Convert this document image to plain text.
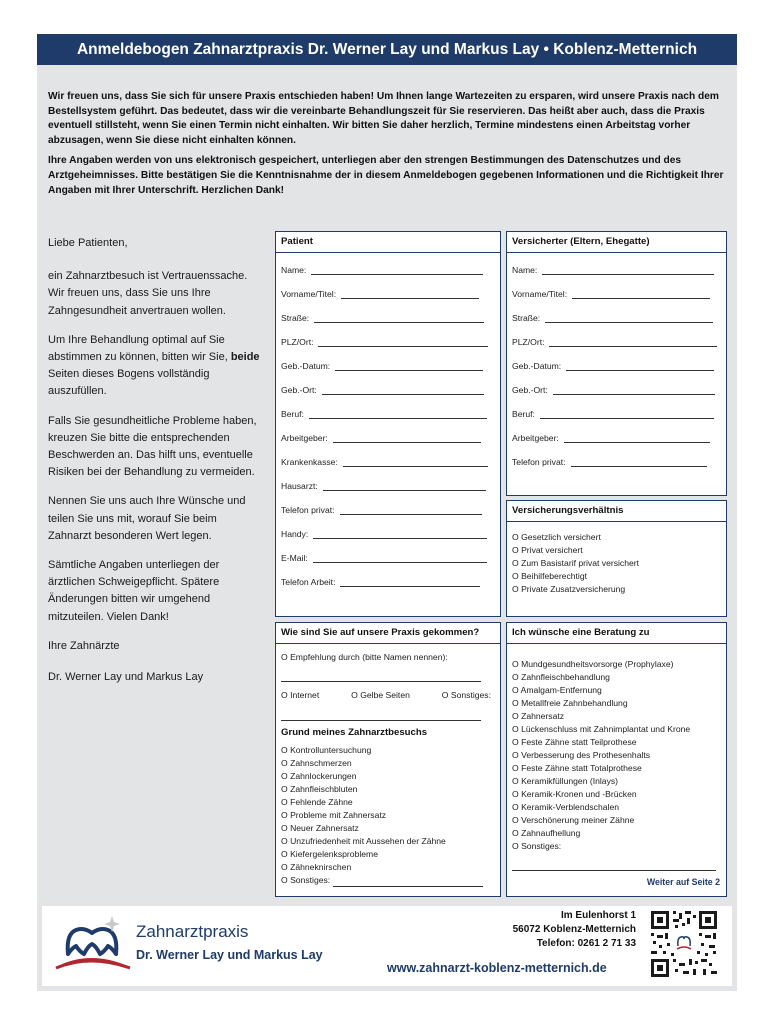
Anmeldebogen Zahnarztpraxis Dr. Werner Lay und Markus Lay • Koblenz-Metternich

Wir freuen uns, dass Sie sich für unsere Praxis entschieden haben! Um Ihnen lange Wartezeiten zu ersparen, wird unsere Praxis nach dem Bestellsystem geführt. Das bedeutet, dass wir die vereinbarte Behandlungszeit für Sie reservieren. Das heißt aber auch, dass die Praxis eventuell stillsteht, wenn Sie einen Termin nicht einhalten. Wir bitten Sie daher herzlich, Termine mindestens einen Arbeitstag vorher abzusagen, wenn Sie diese nicht einhalten können.

Ihre Angaben werden von uns elektronisch gespeichert, unterliegen aber den strengen Bestimmungen des Datenschutzes und des Arztgeheimnisses. Bitte bestätigen Sie die Kenntnisnahme der in diesem Anmeldebogen gegebenen Informationen und die Richtigkeit Ihrer Angaben mit Ihrer Unterschrift. Herzlichen Dank!

Liebe Patienten,

ein Zahnarztbesuch ist Vertrauenssache. Wir freuen uns, dass Sie uns Ihre Zahngesundheit anvertrauen wollen.

Um Ihre Behandlung optimal auf Sie abstimmen zu können, bitten wir Sie, beide Seiten dieses Bogens vollständig auszufüllen.

Falls Sie gesundheitliche Probleme haben, kreuzen Sie bitte die entsprechenden Beschwerden an. Das hilft uns, eventuelle Risiken bei der Behandlung zu vermeiden.

Nennen Sie uns auch Ihre Wünsche und teilen Sie uns mit, worauf Sie beim Zahnarzt besonderen Wert legen.

Sämtliche Angaben unterliegen der ärztlichen Schweigepflicht. Spätere Änderungen bitten wir umgehend mitzuteilen. Vielen Dank!

Ihre Zahnärzte

Dr. Werner Lay und Markus Lay

Patient
Name:
Vorname/Titel:
Straße:
PLZ/Ort:
Geb.-Datum:
Geb.-Ort:
Beruf:
Arbeitgeber:
Krankenkasse:
Hausarzt:
Telefon privat:
Handy:
E-Mail:
Telefon Arbeit:
Versicherter (Eltern, Ehegatte)
Name:
Vorname/Titel:
Straße:
PLZ/Ort:
Geb.-Datum:
Geb.-Ort:
Beruf:
Arbeitgeber:
Telefon privat:
Versicherungsverhältnis
O Gesetzlich versichert
O Privat versichert
O Zum Basistarif privat versichert
O Beihilfeberechtigt
O Private Zusatzversicherung
Wie sind Sie auf unsere Praxis gekommen?
O Empfehlung durch (bitte Namen nennen):
O Internet	O Gelbe Seiten	O Sonstiges:
Grund meines Zahnarztbesuchs
O Kontrolluntersuchung
O Zahnschmerzen
O Zahnlockerungen
O Zahnfleischbluten
O Fehlende Zähne
O Probleme mit Zahnersatz
O Neuer Zahnersatz
O Unzufriedenheit mit Aussehen der Zähne
O Kiefergelenksprobleme
O Zähneknirschen
O Sonstiges:
Ich wünsche eine Beratung zu
O Mundgesundheitsvorsorge (Prophylaxe)
O Zahnfleischbehandlung
O Amalgam-Entfernung
O Metallfreie Zahnbehandlung
O Zahnersatz
O Lückenschluss mit Zahnimplantat und Krone
O Feste Zähne statt Teilprothese
O Verbesserung des Prothesenhalts
O Feste Zähne statt Totalprothese
O Keramikfüllungen (Inlays)
O Keramik-Kronen und -Brücken
O Keramik-Verblendschalen
O Verschönerung meiner Zähne
O Zahnaufhellung
O Sonstiges:
Weiter auf Seite 2
Zahnarztpraxis
Dr. Werner Lay und Markus Lay
Im Eulenhorst 1
56072 Koblenz-Metternich
Telefon: 0261 2 71 33
www.zahnarzt-koblenz-metternich.de
